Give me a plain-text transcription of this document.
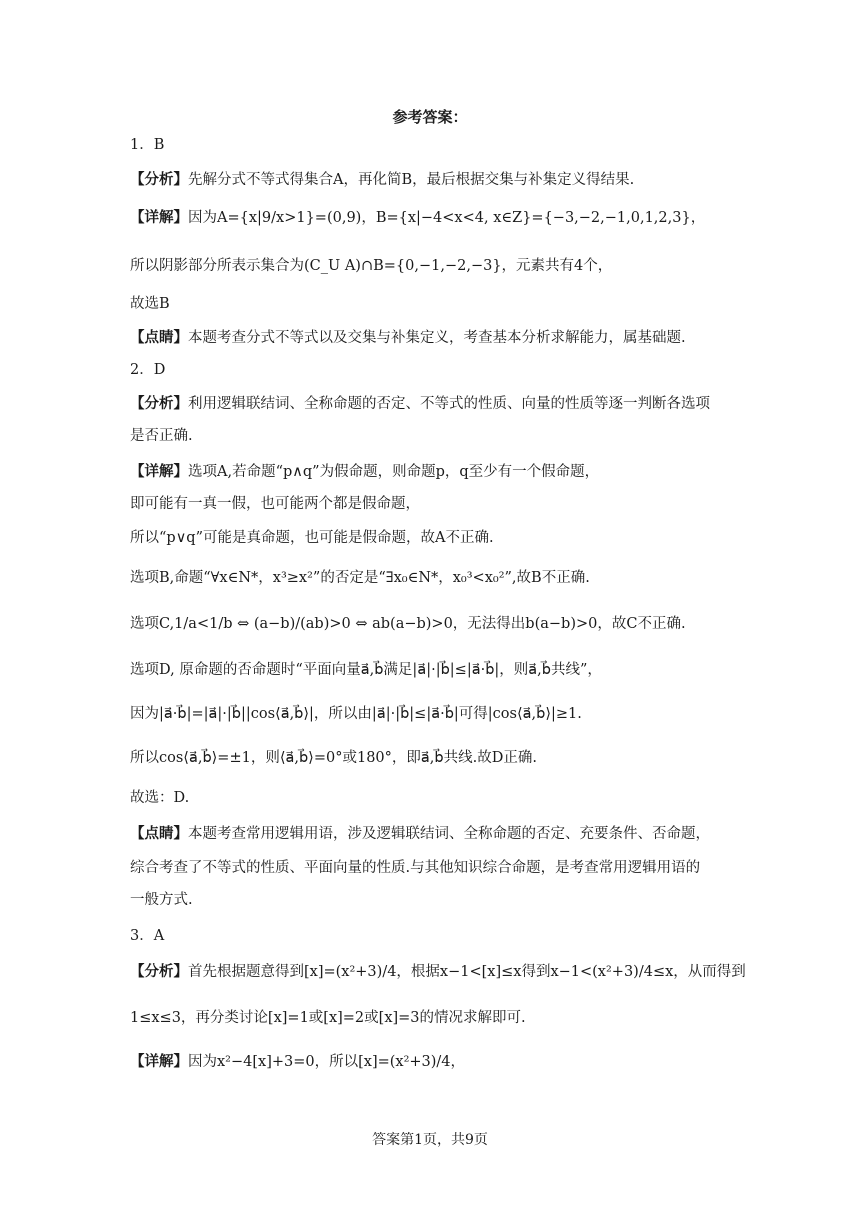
参考答案：
1．B
【分析】先解分式不等式得集合A，再化简B，最后根据交集与补集定义得结果.
【详解】因为A={x|9/x>1}=(0,9)，B={x|−4<x<4, x∈Z}={−3,−2,−1,0,1,2,3}，
所以阴影部分所表示集合为(C_U A)∩B={0,−1,−2,−3}，元素共有4个，
故选B
【点睛】本题考查分式不等式以及交集与补集定义，考查基本分析求解能力，属基础题.
2．D
【分析】利用逻辑联结词、全称命题的否定、不等式的性质、向量的性质等逐一判断各选项
是否正确.
【详解】选项A,若命题“p∧q”为假命题，则命题p，q至少有一个假命题，
即可能有一真一假，也可能两个都是假命题，
所以“p∨q”可能是真命题，也可能是假命题，故A不正确.
选项B,命题“∀x∈N*，x³≥x²”的否定是“∃x₀∈N*，x₀³<x₀²”,故B不正确.
选项C,1/a<1/b ⇔ (a−b)/(ab)>0 ⇔ ab(a−b)>0，无法得出b(a−b)>0，故C不正确.
选项D, 原命题的否命题时“平面向量a⃗,b⃗满足|a⃗|·|b⃗|≤|a⃗·b⃗|，则a⃗,b⃗共线”，
因为|a⃗·b⃗|=|a⃗|·|b⃗||cos⟨a⃗,b⃗⟩|，所以由|a⃗|·|b⃗|≤|a⃗·b⃗|可得|cos⟨a⃗,b⃗⟩|≥1.
所以cos⟨a⃗,b⃗⟩=±1，则⟨a⃗,b⃗⟩=0°或180°，即a⃗,b⃗共线.故D正确.
故选：D.
【点睛】本题考查常用逻辑用语，涉及逻辑联结词、全称命题的否定、充要条件、否命题，
综合考查了不等式的性质、平面向量的性质.与其他知识综合命题，是考查常用逻辑用语的
一般方式.
3．A
【分析】首先根据题意得到[x]=(x²+3)/4，根据x−1<[x]≤x得到x−1<(x²+3)/4≤x，从而得到
1≤x≤3，再分类讨论[x]=1或[x]=2或[x]=3的情况求解即可.
【详解】因为x²−4[x]+3=0，所以[x]=(x²+3)/4，
答案第1页，共9页
